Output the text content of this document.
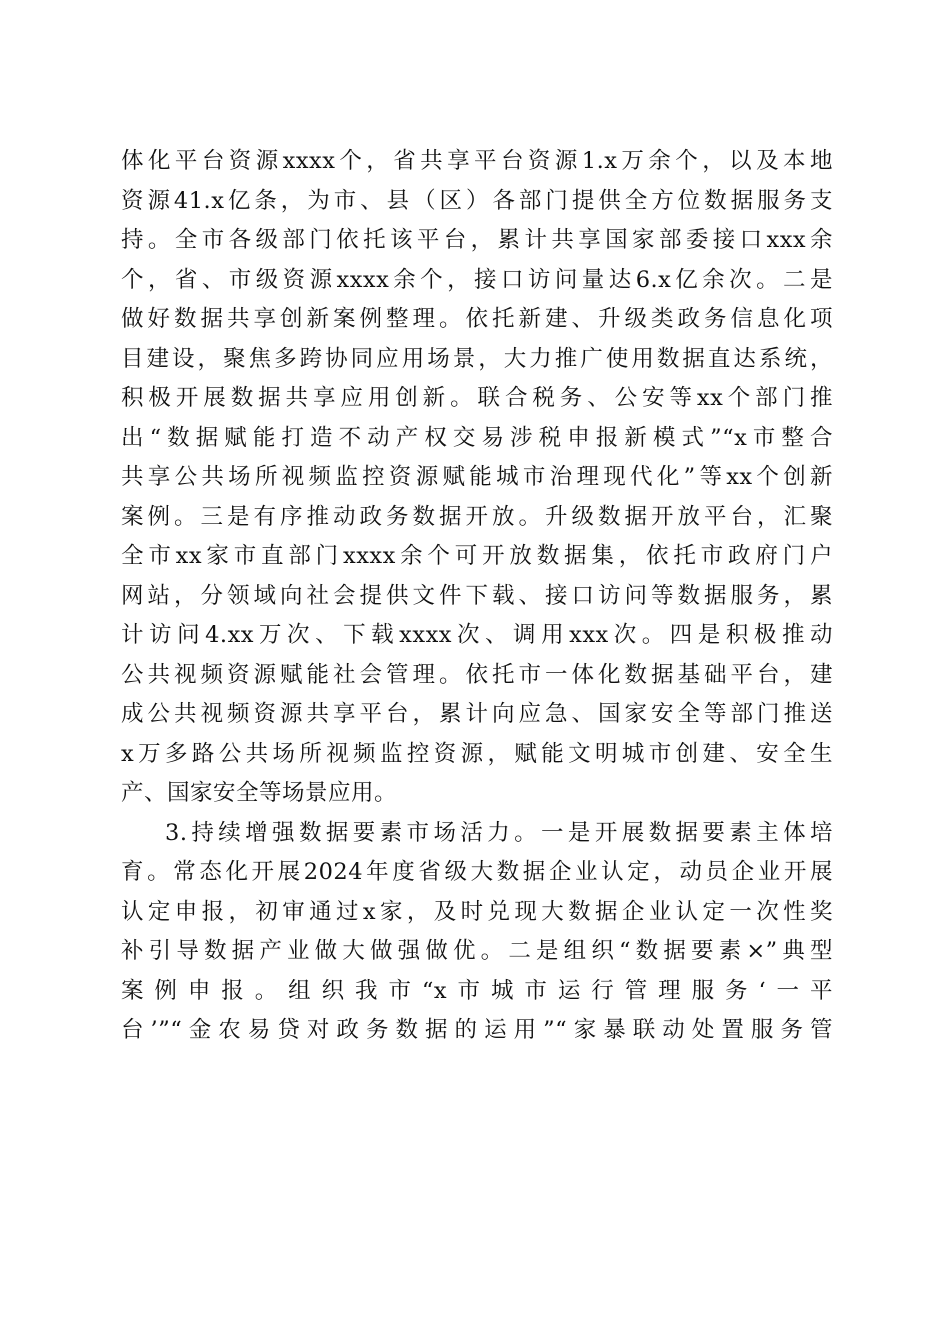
体化平台资源xxxx个，省共享平台资源1.x万余个，以及本地
资源41.x亿条，为市、县（区）各部门提供全方位数据服务支
持。全市各级部门依托该平台，累计共享国家部委接口xxx余
个，省、市级资源xxxx余个，接口访问量达6.x亿余次。二是
做好数据共享创新案例整理。依托新建、升级类政务信息化项
目建设，聚焦多跨协同应用场景，大力推广使用数据直达系统，
积极开展数据共享应用创新。联合税务、公安等xx个部门推
出“数据赋能打造不动产权交易涉税申报新模式”“x市整合
共享公共场所视频监控资源赋能城市治理现代化”等xx个创新
案例。三是有序推动政务数据开放。升级数据开放平台，汇聚
全市xx家市直部门xxxx余个可开放数据集，依托市政府门户
网站，分领域向社会提供文件下载、接口访问等数据服务，累
计访问4.xx万次、下载xxxx次、调用xxx次。四是积极推动
公共视频资源赋能社会管理。依托市一体化数据基础平台，建
成公共视频资源共享平台，累计向应急、国家安全等部门推送
x万多路公共场所视频监控资源，赋能文明城市创建、安全生
产、国家安全等场景应用。
3.持续增强数据要素市场活力。一是开展数据要素主体培
育。常态化开展2024年度省级大数据企业认定，动员企业开展
认定申报，初审通过x家，及时兑现大数据企业认定一次性奖
补引导数据产业做大做强做优。二是组织“数据要素×”典型
案例申报。组织我市“x市城市运行管理服务‘一平
台’”“金农易贷对政务数据的运用”“家暴联动处置服务管
